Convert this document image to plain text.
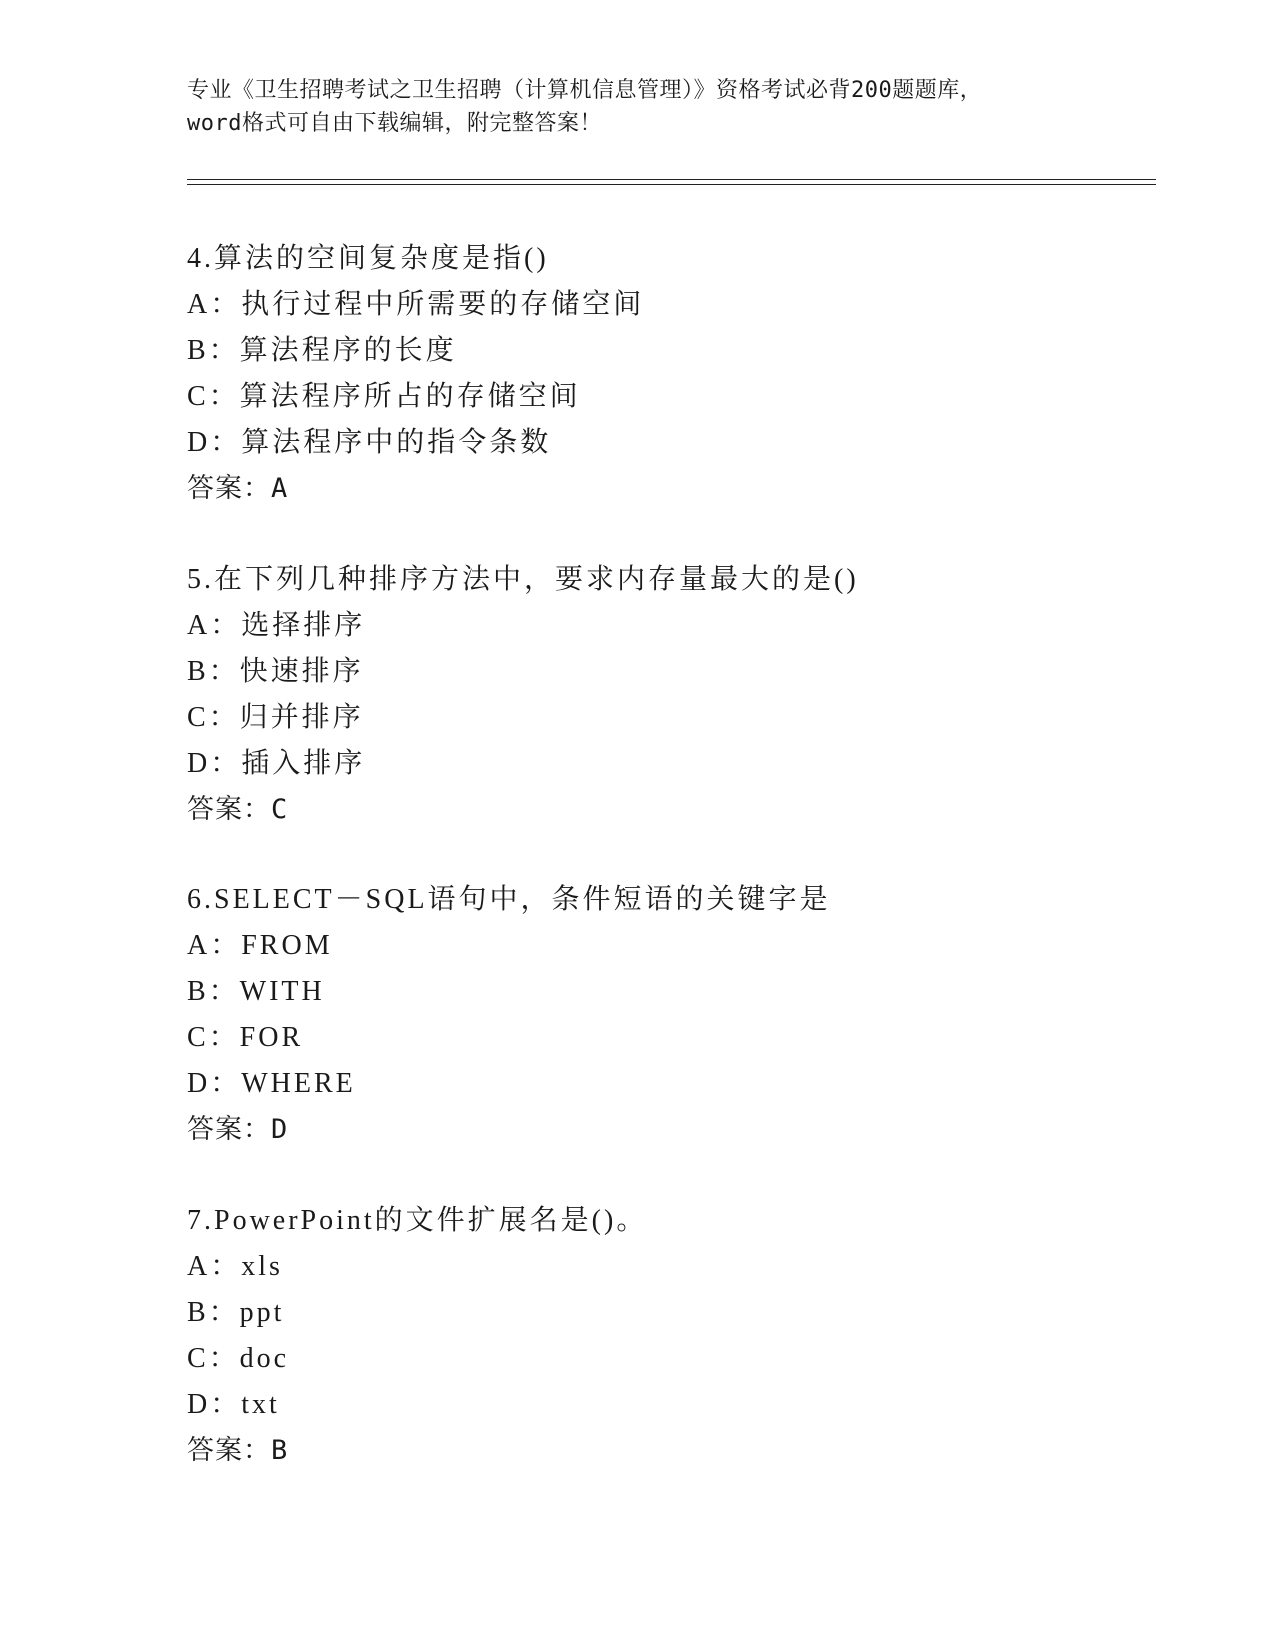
专业《卫生招聘考试之卫生招聘（计算机信息管理）》资格考试必背200题题库，

word格式可自由下载编辑，附完整答案！

4.算法的空间复杂度是指()

A：执行过程中所需要的存储空间

B：算法程序的长度

C：算法程序所占的存储空间

D：算法程序中的指令条数

答案：A

5.在下列几种排序方法中，要求内存量最大的是()

A：选择排序

B：快速排序

C：归并排序

D：插入排序

答案：C

6.SELECT－SQL语句中，条件短语的关键字是

A：FROM

B：WITH

C：FOR

D：WHERE

答案：D

7.PowerPoint的文件扩展名是()。

A：xls

B：ppt

C：doc

D：txt

答案：B
